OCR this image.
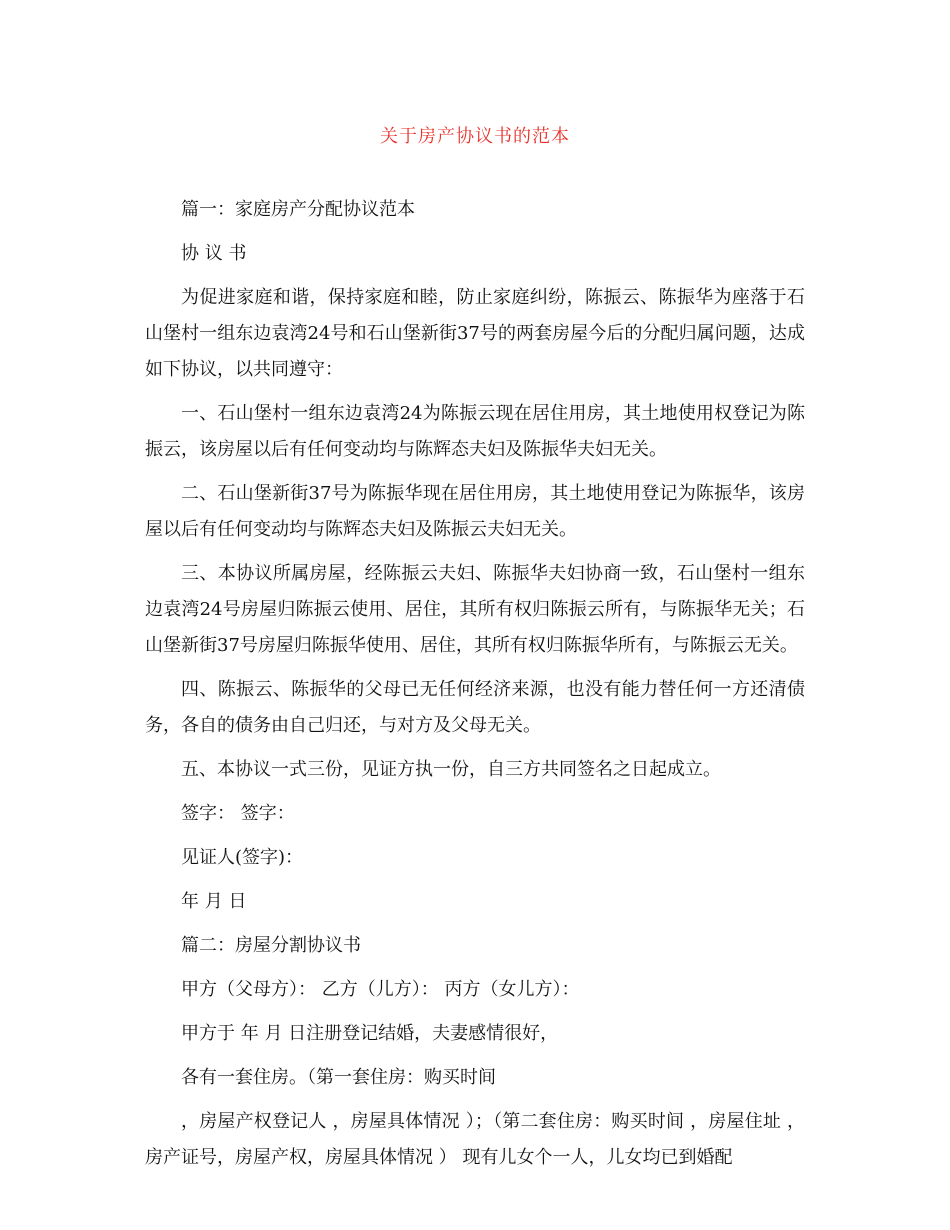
关于房产协议书的范本

篇一：家庭房产分配协议范本

协 议 书

为促进家庭和谐，保持家庭和睦，防止家庭纠纷，陈振云、陈振华为座落于石山堡村一组东边袁湾24号和石山堡新街37号的两套房屋今后的分配归属问题，达成如下协议，以共同遵守：

一、石山堡村一组东边袁湾24为陈振云现在居住用房，其土地使用权登记为陈振云，该房屋以后有任何变动均与陈辉态夫妇及陈振华夫妇无关。

二、石山堡新街37号为陈振华现在居住用房，其土地使用登记为陈振华，该房屋以后有任何变动均与陈辉态夫妇及陈振云夫妇无关。

三、本协议所属房屋，经陈振云夫妇、陈振华夫妇协商一致，石山堡村一组东边袁湾24号房屋归陈振云使用、居住，其所有权归陈振云所有，与陈振华无关；石山堡新街37号房屋归陈振华使用、居住，其所有权归陈振华所有，与陈振云无关。

四、陈振云、陈振华的父母已无任何经济来源，也没有能力替任何一方还清债务，各自的债务由自己归还，与对方及父母无关。

五、本协议一式三份，见证方执一份，自三方共同签名之日起成立。

签字： 签字：

见证人(签字)：

年 月 日

篇二：房屋分割协议书

甲方（父母方）： 乙方（儿方）： 丙方（女儿方）：

甲方于 年 月 日注册登记结婚，夫妻感情很好，

各有一套住房。（第一套住房：购买时间

，房屋产权登记人 ，房屋具体情况 ）；（第二套住房：购买时间 ，房屋住址 ，房产证号，房屋产权，房屋具体情况 ） 现有儿女个一人，儿女均已到婚配
